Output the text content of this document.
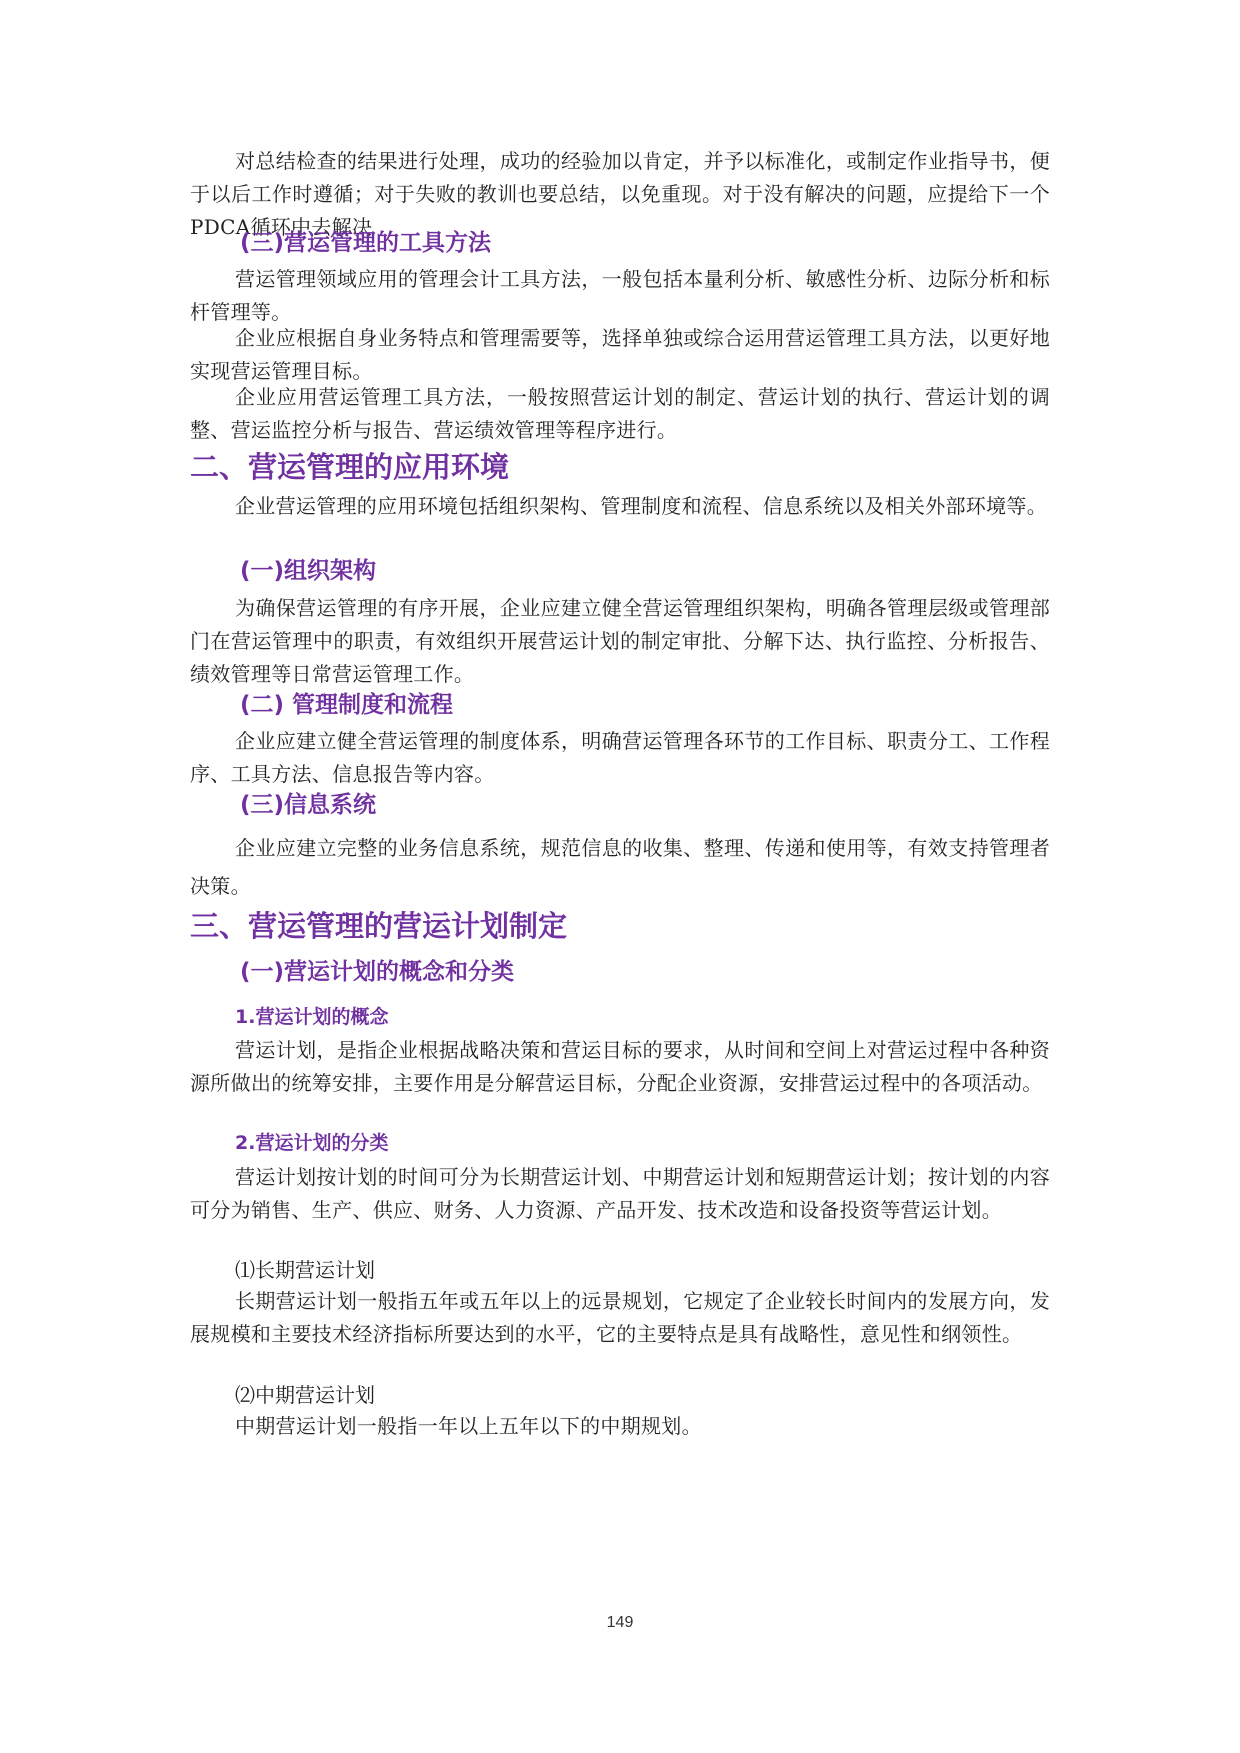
对总结检查的结果进行处理，成功的经验加以肯定，并予以标准化，或制定作业指导书，便于以后工作时遵循；对于失败的教训也要总结，以免重现。对于没有解决的问题，应提给下一个PDCA循环中去解决

(三)营运管理的工具方法

营运管理领域应用的管理会计工具方法，一般包括本量利分析、敏感性分析、边际分析和标杆管理等。

企业应根据自身业务特点和管理需要等，选择单独或综合运用营运管理工具方法，以更好地实现营运管理目标。

企业应用营运管理工具方法，一般按照营运计划的制定、营运计划的执行、营运计划的调整、营运监控分析与报告、营运绩效管理等程序进行。

二、营运管理的应用环境

企业营运管理的应用环境包括组织架构、管理制度和流程、信息系统以及相关外部环境等。

(一)组织架构

为确保营运管理的有序开展，企业应建立健全营运管理组织架构，明确各管理层级或管理部门在营运管理中的职责，有效组织开展营运计划的制定审批、分解下达、执行监控、分析报告、绩效管理等日常营运管理工作。

(二) 管理制度和流程

企业应建立健全营运管理的制度体系，明确营运管理各环节的工作目标、职责分工、工作程序、工具方法、信息报告等内容。

(三)信息系统

企业应建立完整的业务信息系统，规范信息的收集、整理、传递和使用等，有效支持管理者决策。

三、营运管理的营运计划制定
(一)营运计划的概念和分类
1.营运计划的概念

营运计划，是指企业根据战略决策和营运目标的要求，从时间和空间上对营运过程中各种资源所做出的统筹安排，主要作用是分解营运目标，分配企业资源，安排营运过程中的各项活动。

2.营运计划的分类

营运计划按计划的时间可分为长期营运计划、中期营运计划和短期营运计划；按计划的内容可分为销售、生产、供应、财务、人力资源、产品开发、技术改造和设备投资等营运计划。

⑴长期营运计划

长期营运计划一般指五年或五年以上的远景规划，它规定了企业较长时间内的发展方向，发展规模和主要技术经济指标所要达到的水平，它的主要特点是具有战略性，意见性和纲领性。

⑵中期营运计划

中期营运计划一般指一年以上五年以下的中期规划。

149
